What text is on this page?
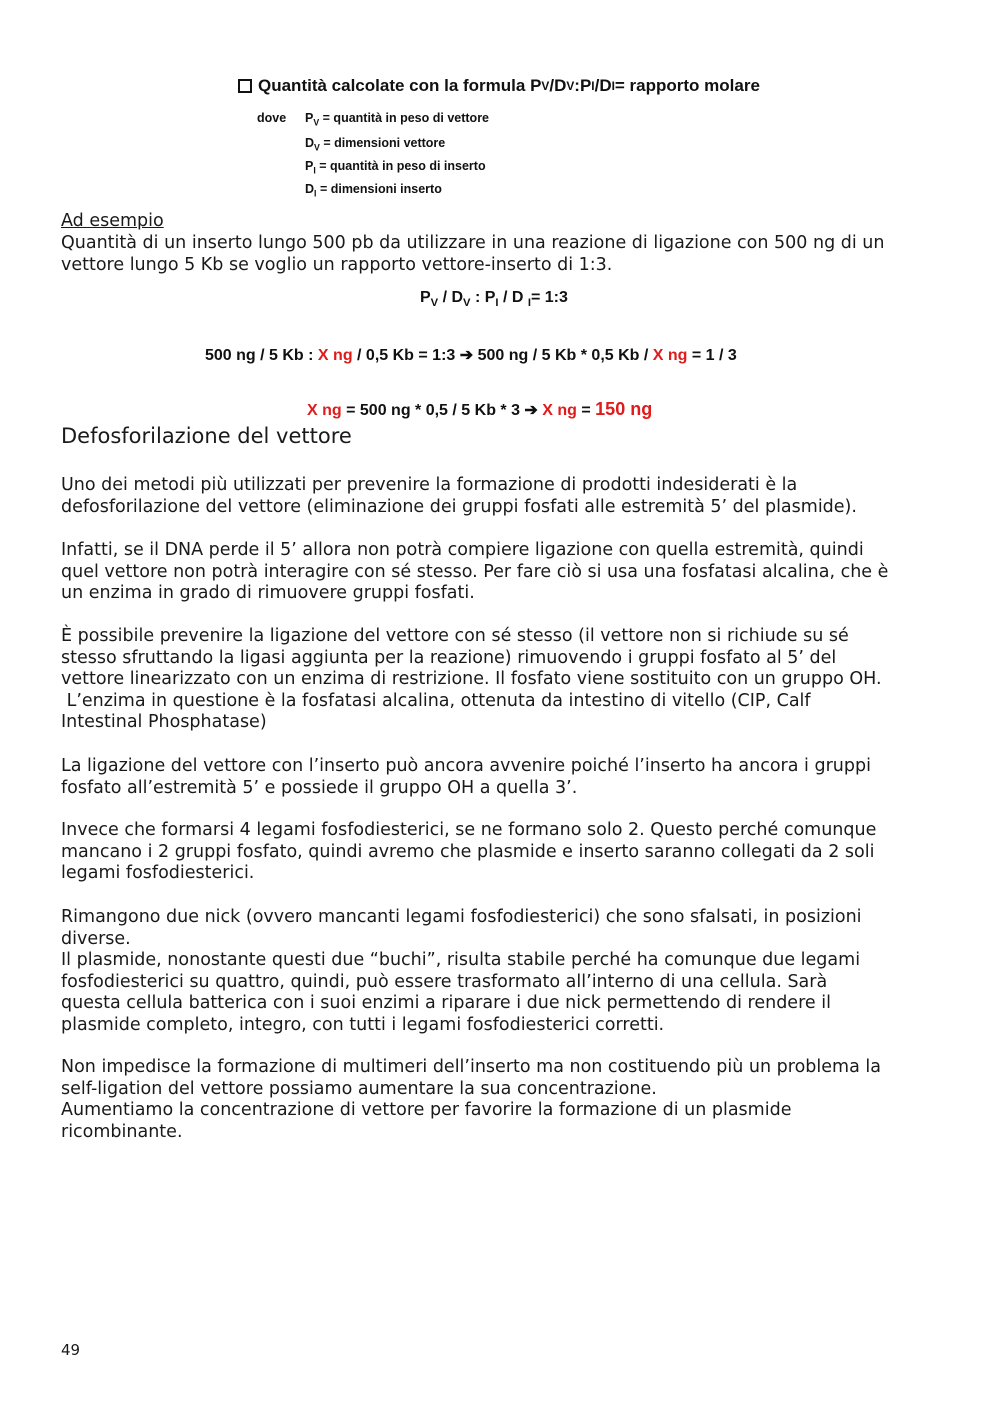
Quantità calcolate con la formula P V /D V :P I /D I = rapporto molare
dove $P_V$ = quantità in peso di vettore
$D_V$ = dimensioni vettore
$P_I$ = quantità in peso di inserto
$D_I$ = dimensioni inserto
Ad esempio
Quantità di un inserto lungo 500 pb da utilizzare in una reazione di ligazione con 500 ng di un
vettore lungo 5 Kb se voglio un rapporto vettore-inserto di 1:3.
$P_V / D_V$ : $P_I$ / D $_I$= 1:3
500 ng / 5 Kb : X ng / 0,5 Kb = 1:3 ➔ 500 ng / 5 Kb * 0,5 Kb / X ng = 1 / 3
X ng = 500 ng * 0,5 / 5 Kb * 3 ➔ X ng = 150 ng
Defosforilazione del vettore
Uno dei metodi più utilizzati per prevenire la formazione di prodotti indesiderati è la
defosforilazione del vettore (eliminazione dei gruppi fosfati alle estremità 5’ del plasmide).
Infatti, se il DNA perde il 5’ allora non potrà compiere ligazione con quella estremità, quindi
quel vettore non potrà interagire con sé stesso. Per fare ciò si usa una fosfatasi alcalina, che è
un enzima in grado di rimuovere gruppi fosfati.
È possibile prevenire la ligazione del vettore con sé stesso (il vettore non si richiude su sé
stesso sfruttando la ligasi aggiunta per la reazione) rimuovendo i gruppi fosfato al 5’ del
vettore linearizzato con un enzima di restrizione. Il fosfato viene sostituito con un gruppo OH.
L’enzima in questione è la fosfatasi alcalina, ottenuta da intestino di vitello (CIP, Calf
Intestinal Phosphatase)
La ligazione del vettore con l’inserto può ancora avvenire poiché l’inserto ha ancora i gruppi
fosfato all’estremità 5’ e possiede il gruppo OH a quella 3’.
Invece che formarsi 4 legami fosfodiesterici, se ne formano solo 2. Questo perché comunque
mancano i 2 gruppi fosfato, quindi avremo che plasmide e inserto saranno collegati da 2 soli
legami fosfodiesterici.
Rimangono due nick (ovvero mancanti legami fosfodiesterici) che sono sfalsati, in posizioni
diverse.
Il plasmide, nonostante questi due “buchi”, risulta stabile perché ha comunque due legami
fosfodiesterici su quattro, quindi, può essere trasformato all’interno di una cellula. Sarà
questa cellula batterica con i suoi enzimi a riparare i due nick permettendo di rendere il
plasmide completo, integro, con tutti i legami fosfodiesterici corretti.
Non impedisce la formazione di multimeri dell’inserto ma non costituendo più un problema la
self-ligation del vettore possiamo aumentare la sua concentrazione.
Aumentiamo la concentrazione di vettore per favorire la formazione di un plasmide
ricombinante.
49
